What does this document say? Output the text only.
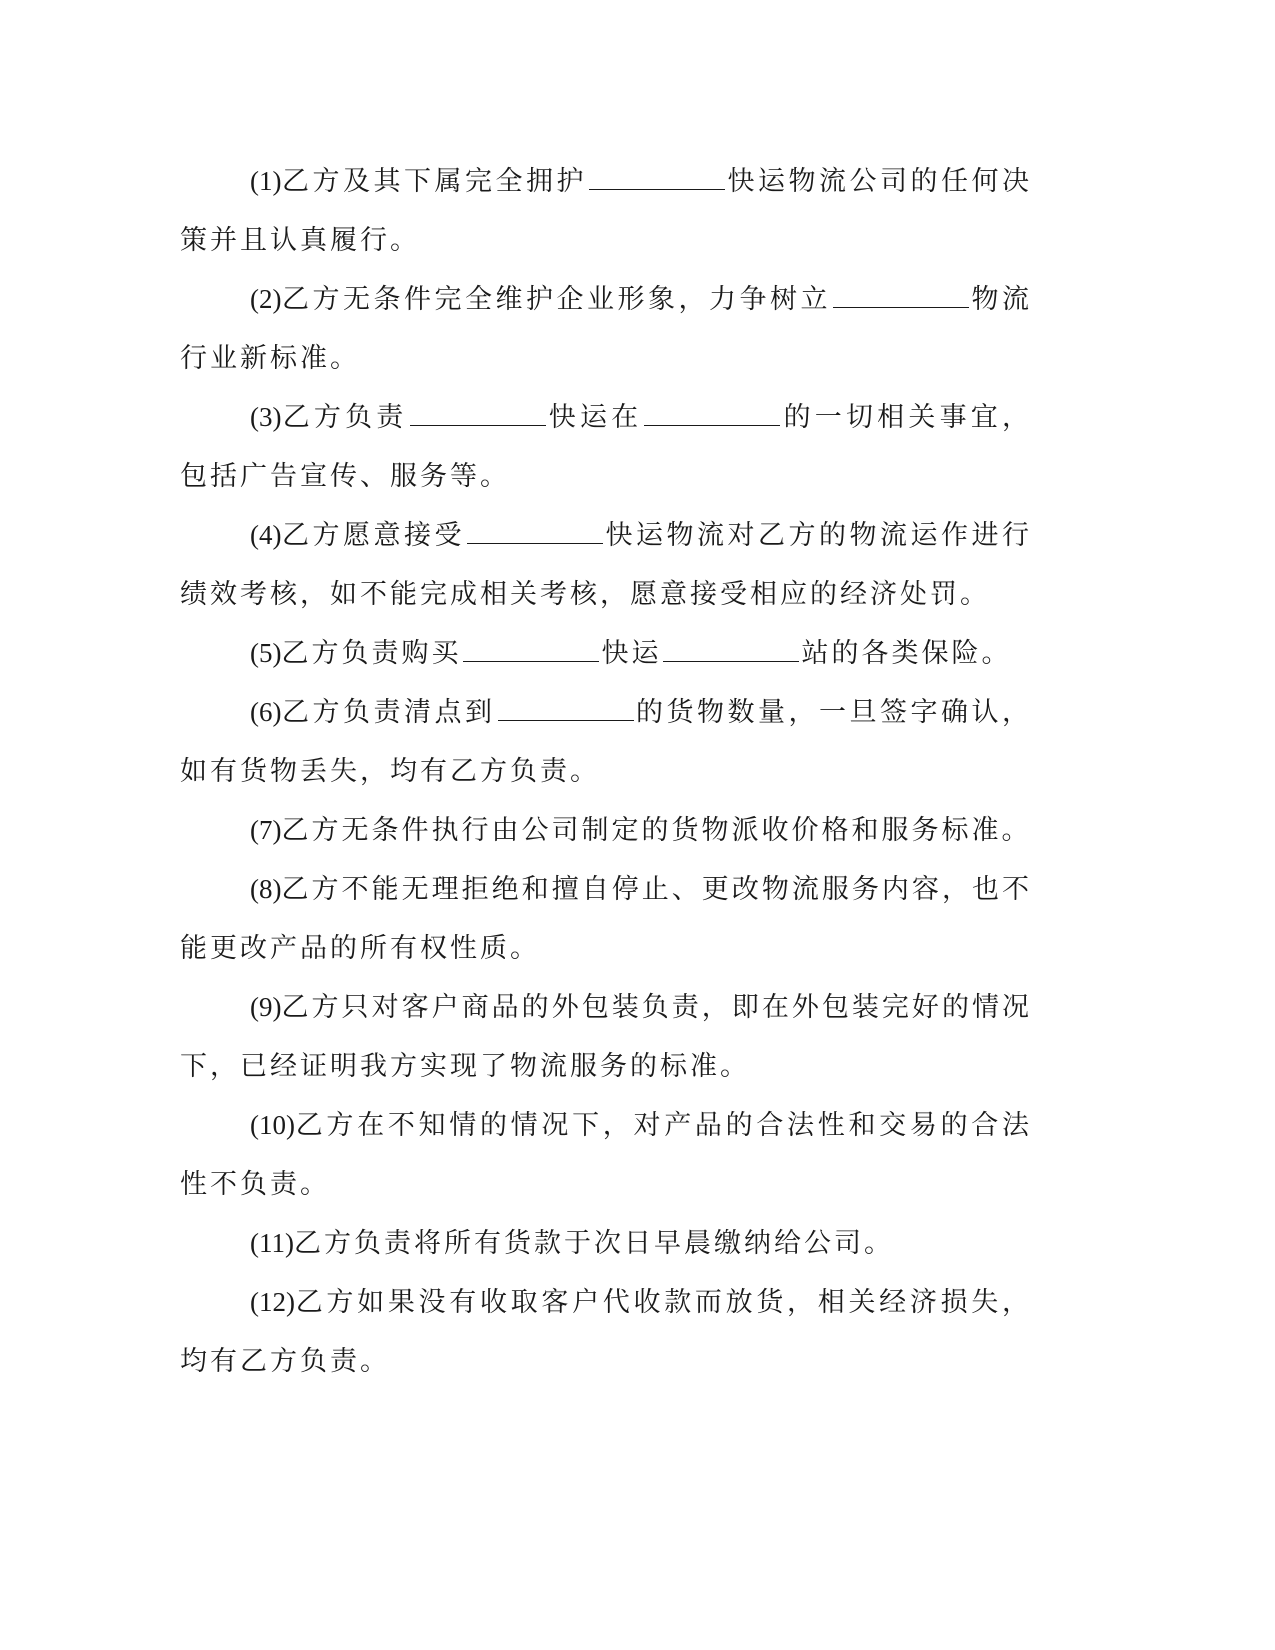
(1)乙方及其下属完全拥护	快运物流公司的任何决策并且认真履行。

(2)乙方无条件完全维护企业形象，力争树立	物流行业新标准。

(3)乙方负责	快运在	的一切相关事宜，包括广告宣传、服务等。

(4)乙方愿意接受	快运物流对乙方的物流运作进行绩效考核，如不能完成相关考核，愿意接受相应的经济处罚。

(5)乙方负责购买	快运	站的各类保险。

(6)乙方负责清点到	的货物数量，一旦签字确认，如有货物丢失，均有乙方负责。

(7)乙方无条件执行由公司制定的货物派收价格和服务标准。

(8)乙方不能无理拒绝和擅自停止、更改物流服务内容，也不能更改产品的所有权性质。

(9)乙方只对客户商品的外包装负责，即在外包装完好的情况下，已经证明我方实现了物流服务的标准。

(10)乙方在不知情的情况下，对产品的合法性和交易的合法性不负责。

(11)乙方负责将所有货款于次日早晨缴纳给公司。

(12)乙方如果没有收取客户代收款而放货，相关经济损失，均有乙方负责。
